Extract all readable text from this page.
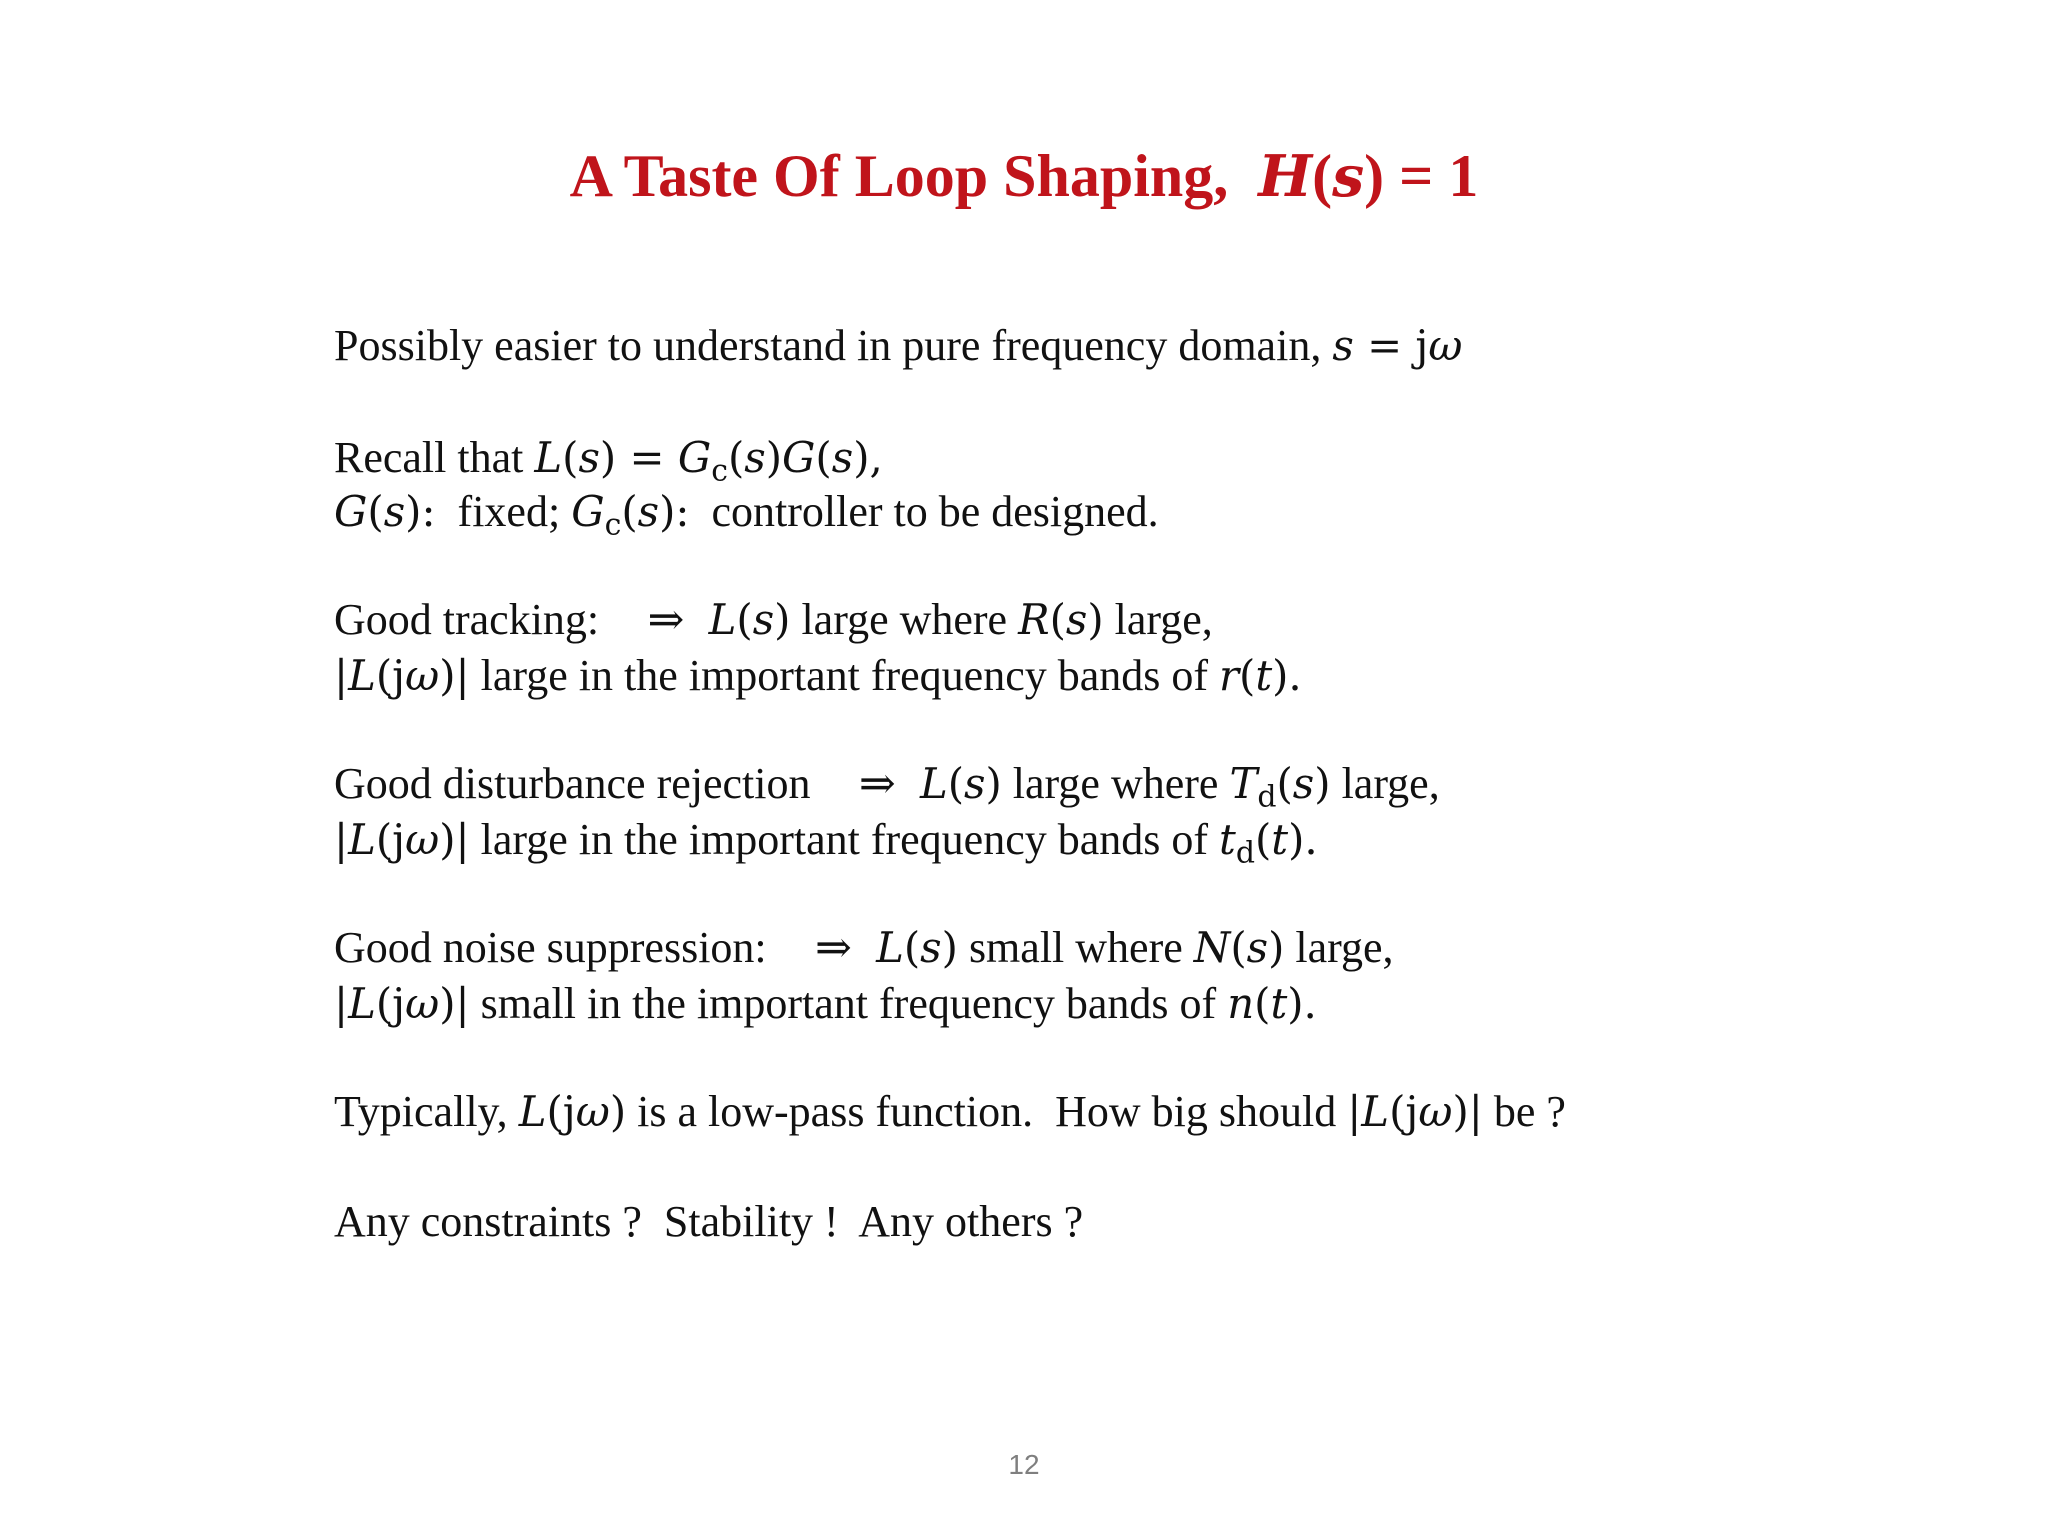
A Taste Of Loop Shaping, H(s) = 1
Possibly easier to understand in pure frequency domain, s = jω
Recall that $L(s) = G_c(s)G(s)$,
G(s):  fixed; $G_c(s)$:  controller to be designed.
Good tracking: ⇒ L(s) large where R(s) large,
|L(jω)| large in the important frequency bands of r(t).
Good disturbance rejection ⇒ L(s) large where $T_d(s)$ large,
|L(jω)| large in the important frequency bands of $t_d(t)$.
Good noise suppression: ⇒ L(s) small where N(s) large,
|L(jω)| small in the important frequency bands of n(t).
Typically, L(jω) is a low-pass function.  How big should |L(jω)| be ?
Any constraints ?  Stability !  Any others ?
12
